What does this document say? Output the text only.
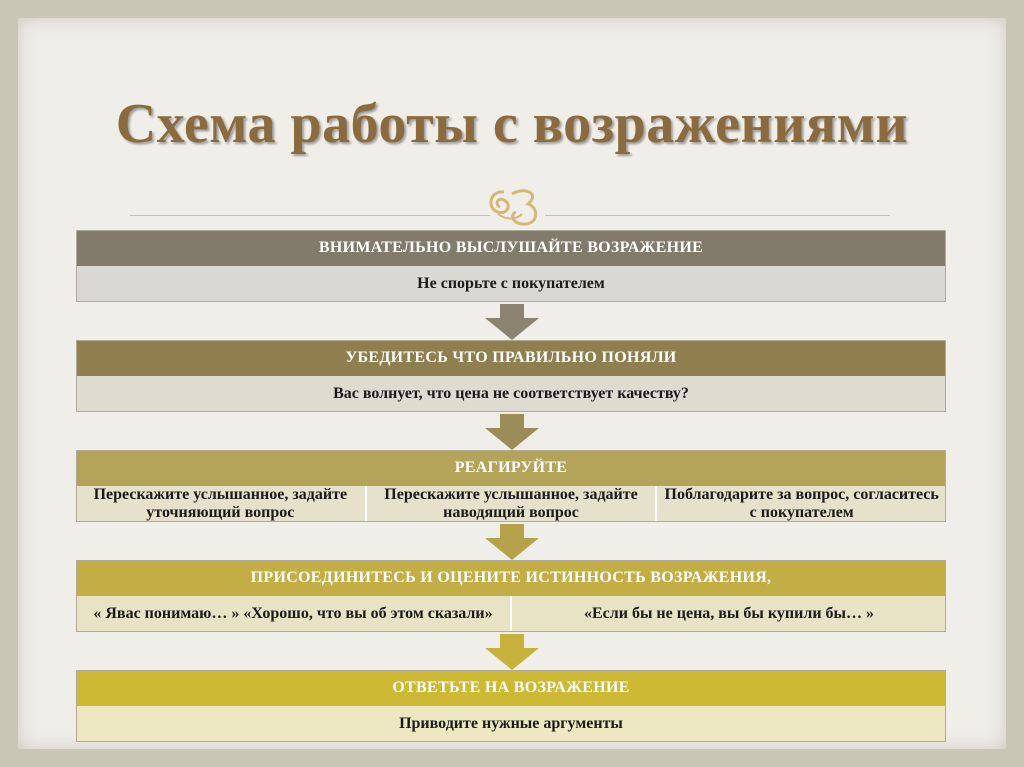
Схема работы с возражениями
ВНИМАТЕЛЬНО ВЫСЛУШАЙТЕ ВОЗРАЖЕНИЕ
Не спорьте с покупателем
УБЕДИТЕСЬ ЧТО ПРАВИЛЬНО ПОНЯЛИ
Вас волнует, что цена не соответствует качеству?
РЕАГИРУЙТЕ
Перескажите услышанное, задайте уточняющий вопрос
Перескажите услышанное, задайте наводящий вопрос
Поблагодарите за вопрос, согласитесь с покупателем
ПРИСОЕДИНИТЕСЬ И ОЦЕНИТЕ ИСТИННОСТЬ ВОЗРАЖЕНИЯ,
« Явас понимаю… » «Хорошо, что вы об этом сказали»	«Если бы не цена, вы бы купили бы… »
ОТВЕТЬТЕ НА ВОЗРАЖЕНИЕ
Приводите нужные аргументы
